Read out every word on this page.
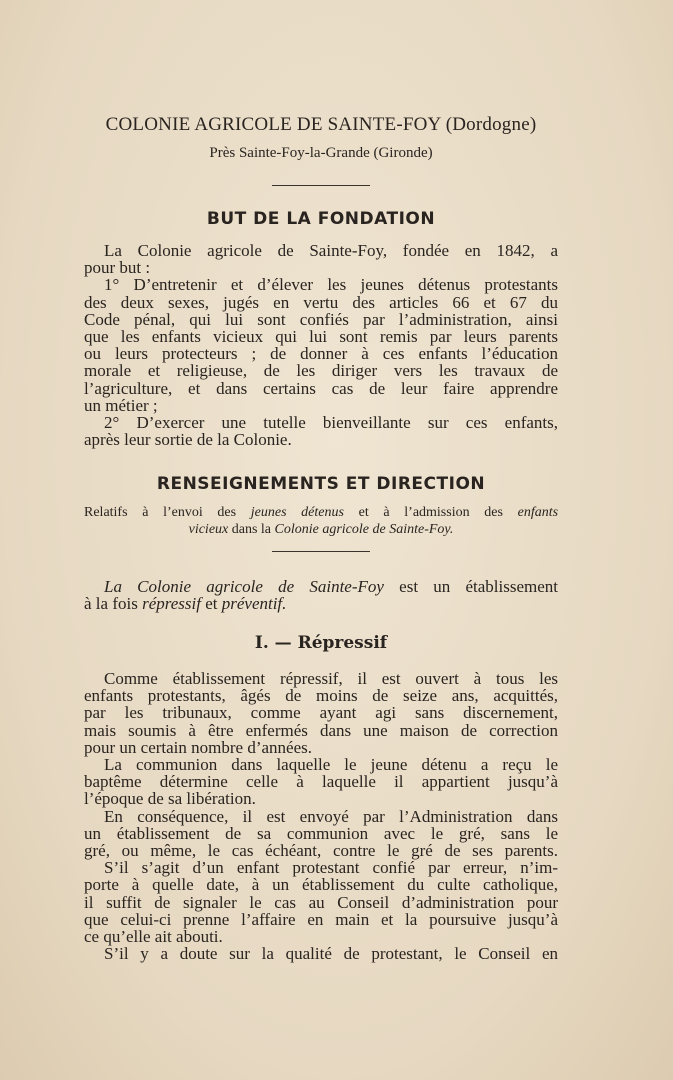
COLONIE AGRICOLE DE SAINTE-FOY (Dordogne)
Près Sainte-Foy-la-Grande (Gironde)
BUT DE LA FONDATION
La Colonie agricole de Sainte-Foy, fondée en 1842, a
pour but :
1° D’entretenir et d’élever les jeunes détenus protestants
des deux sexes, jugés en vertu des articles 66 et 67 du
Code pénal, qui lui sont confiés par l’administration, ainsi
que les enfants vicieux qui lui sont remis par leurs parents
ou leurs protecteurs ; de donner à ces enfants l’éducation
morale et religieuse, de les diriger vers les travaux de
l’agriculture, et dans certains cas de leur faire apprendre
un métier ;
2° D’exercer une tutelle bienveillante sur ces enfants,
après leur sortie de la Colonie.
RENSEIGNEMENTS ET DIRECTION
Relatifs à l’envoi des jeunes détenus et à l’admission des enfants
vicieux dans la Colonie agricole de Sainte-Foy.
La Colonie agricole de Sainte-Foy est un établissement
à la fois répressif et préventif.
I. — Répressif
Comme établissement répressif, il est ouvert à tous les
enfants protestants, âgés de moins de seize ans, acquittés,
par les tribunaux, comme ayant agi sans discernement,
mais soumis à être enfermés dans une maison de correction
pour un certain nombre d’années.
La communion dans laquelle le jeune détenu a reçu le
baptême détermine celle à laquelle il appartient jusqu’à
l’époque de sa libération.
En conséquence, il est envoyé par l’Administration dans
un établissement de sa communion avec le gré, sans le
gré, ou même, le cas échéant, contre le gré de ses parents.
S’il s’agit d’un enfant protestant confié par erreur, n’im-
porte à quelle date, à un établissement du culte catholique,
il suffit de signaler le cas au Conseil d’administration pour
que celui-ci prenne l’affaire en main et la poursuive jusqu’à
ce qu’elle ait abouti.
S’il y a doute sur la qualité de protestant, le Conseil en
